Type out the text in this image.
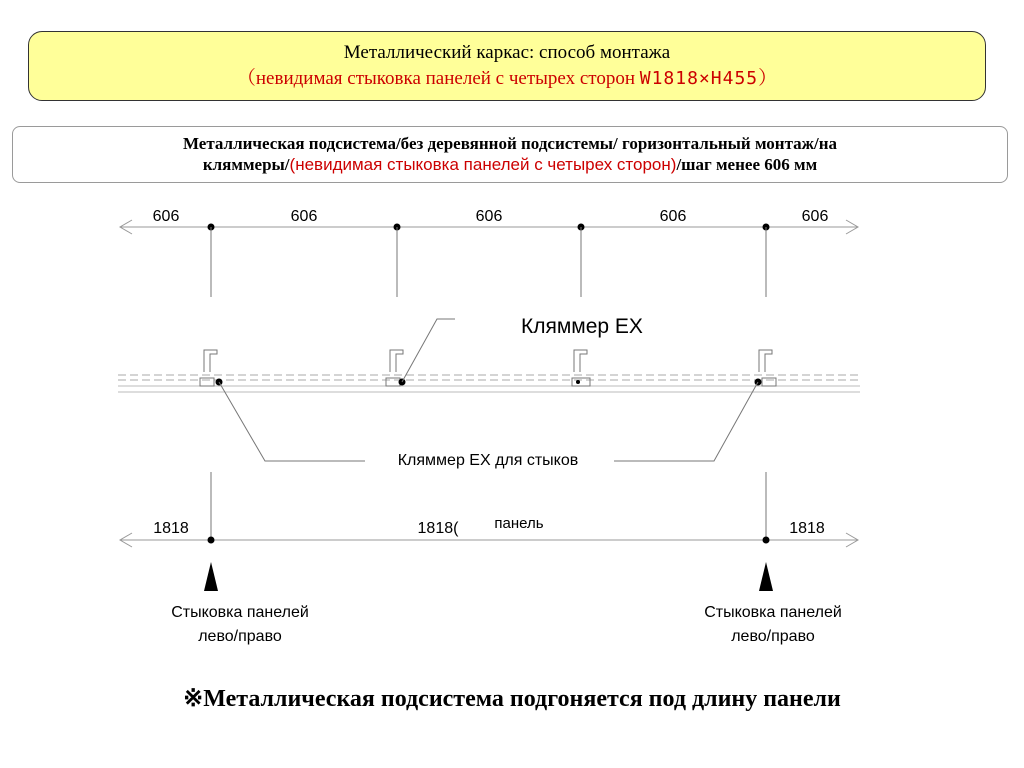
Металлический каркас: способ монтажа
（невидимая стыковка панелей с четырех сторон W1818×H455）
Металлическая подсистема/без деревянной подсистемы/ горизонтальный монтаж/на
кляммеры/(невидимая стыковка панелей с четырех сторон)/шаг менее 606 мм
606	606	606	606	606
Кляммер EX
Кляммер EX для стыков
1818	1818( панель	1818
Стыковка панелей
лево/право
Стыковка панелей
лево/право
※Металлическая подсистема подгоняется под длину панели
